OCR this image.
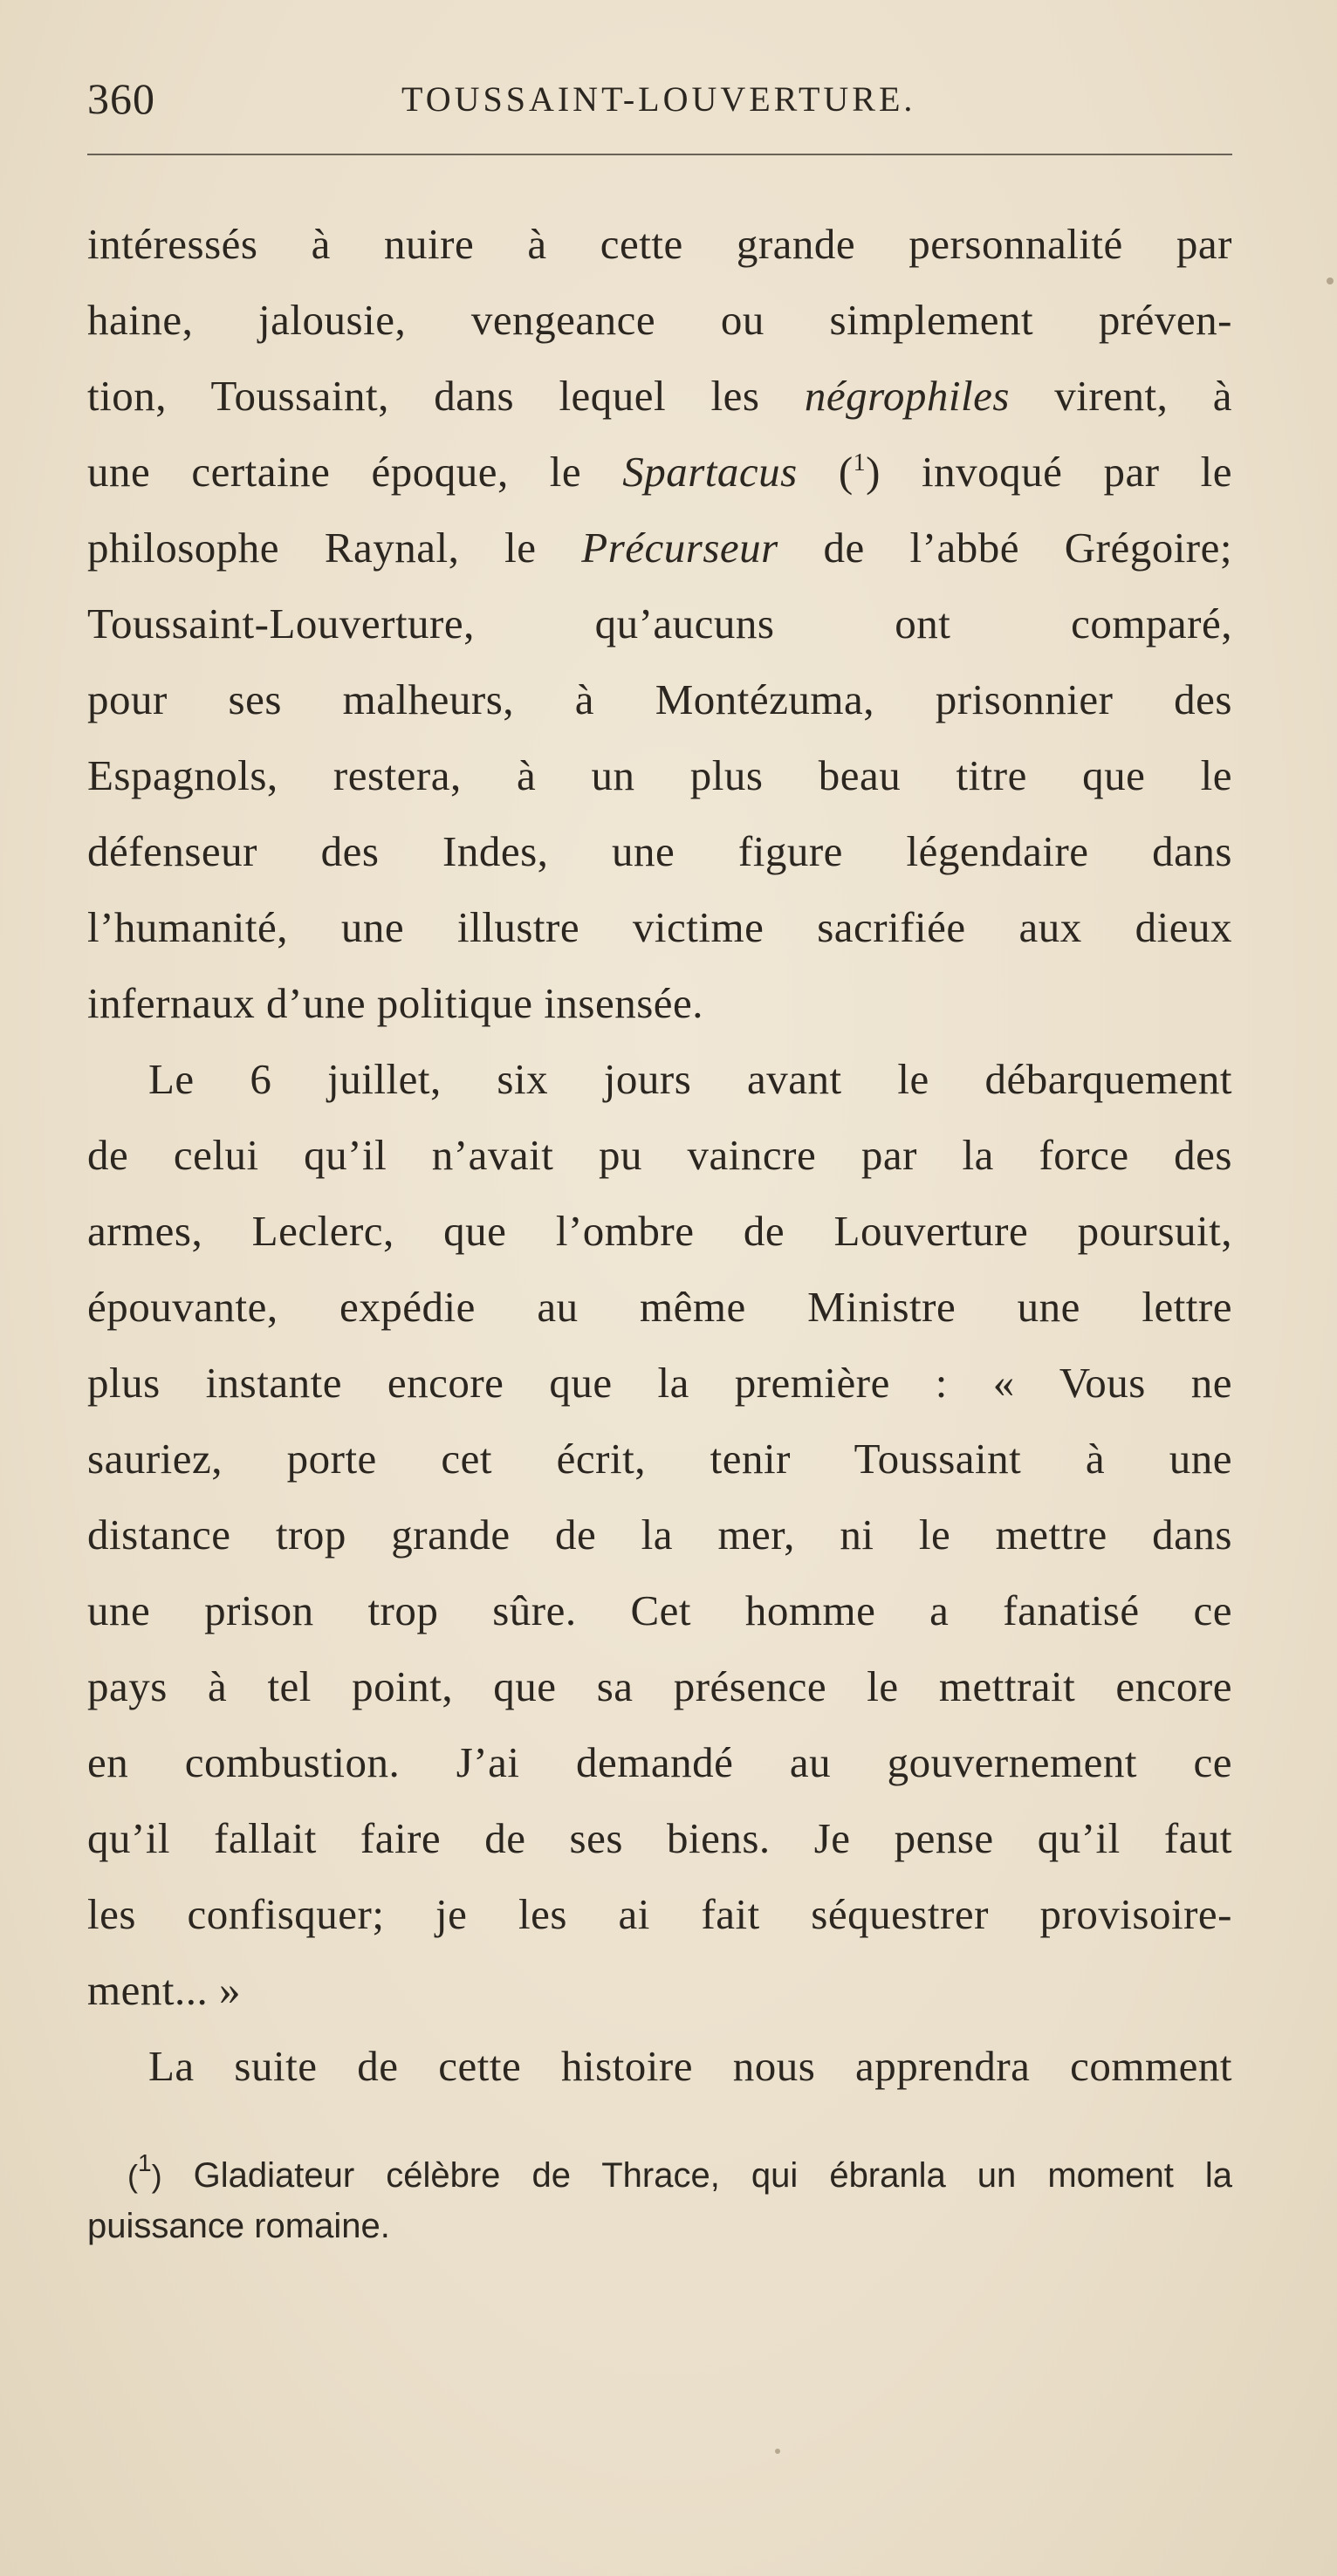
360	TOUSSAINT-LOUVERTURE.
intéressés à nuire à cette grande personnalité par
haine, jalousie, vengeance ou simplement préven-
tion, Toussaint, dans lequel les négrophiles virent, à
une certaine époque, le Spartacus ($^1$) invoqué par le
philosophe Raynal, le Précurseur de l’abbé Grégoire;
Toussaint-Louverture, qu’aucuns ont comparé,
pour ses malheurs, à Montézuma, prisonnier des
Espagnols, restera, à un plus beau titre que le
défenseur des Indes, une figure légendaire dans
l’humanité, une illustre victime sacrifiée aux dieux
infernaux d’une politique insensée.
Le 6 juillet, six jours avant le débarquement
de celui qu’il n’avait pu vaincre par la force des
armes, Leclerc, que l’ombre de Louverture poursuit,
épouvante, expédie au même Ministre une lettre
plus instante encore que la première : « Vous ne
sauriez, porte cet écrit, tenir Toussaint à une
distance trop grande de la mer, ni le mettre dans
une prison trop sûre. Cet homme a fanatisé ce
pays à tel point, que sa présence le mettrait encore
en combustion. J’ai demandé au gouvernement ce
qu’il fallait faire de ses biens. Je pense qu’il faut
les confisquer; je les ai fait séquestrer provisoire-
ment... »
La suite de cette histoire nous apprendra comment
($^1$) Gladiateur célèbre de Thrace, qui ébranla un moment la
puissance romaine.
